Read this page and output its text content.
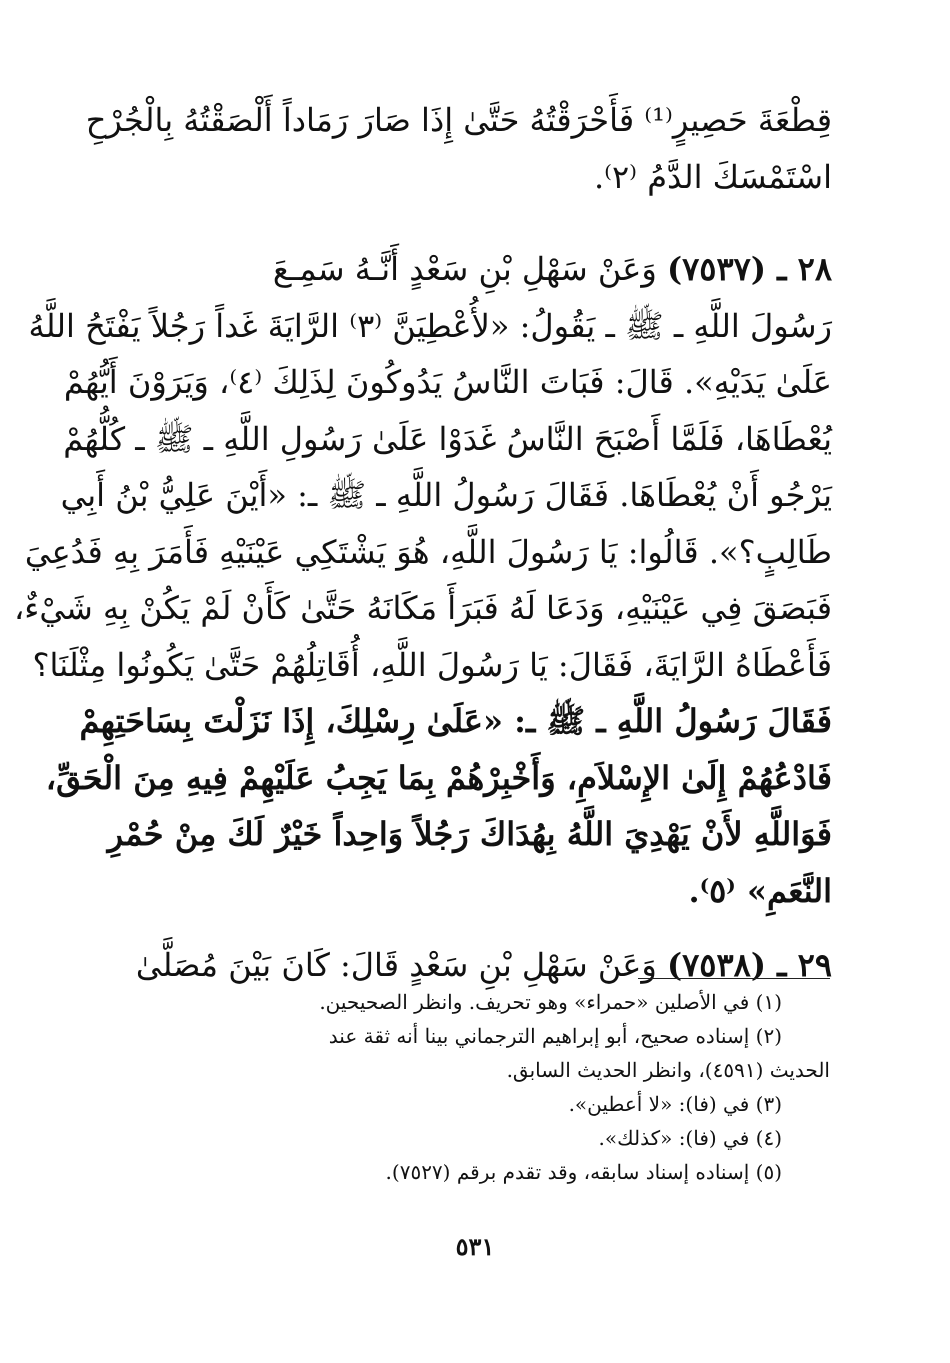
قِطْعَةَ حَصِيرٍ⁽¹⁾ فَأَحْرَقْتُهُ حَتَّىٰ إِذَا صَارَ رَمَاداً أَلْصَقْتُهُ بِالْجُرْحِ
اسْتَمْسَكَ الدَّمُ ⁽٢⁾.

٢٨ ـ (٧٥٣٧) وَعَنْ سَهْلِ بْنِ سَعْدٍ أَنَّـهُ سَمِـعَ
رَسُولَ اللَّهِ ـ ﷺ ـ يَقُولُ: «لأُعْطِيَنَّ ⁽٣⁾ الرَّايَةَ غَداً رَجُلاً يَفْتَحُ اللَّهُ
عَلَىٰ يَدَيْهِ». قَالَ: فَبَاتَ النَّاسُ يَدُوكُونَ لِذَلِكَ ⁽٤⁾، وَيَرَوْنَ أَيُّهُمْ
يُعْطَاهَا، فَلَمَّا أَصْبَحَ النَّاسُ غَدَوْا عَلَىٰ رَسُولِ اللَّهِ ـ ﷺ ـ كُلُّهُمْ
يَرْجُو أَنْ يُعْطَاهَا. فَقَالَ رَسُولُ اللَّهِ ـ ﷺ ـ: «أَيْنَ عَلِيُّ بْنُ أَبِي
طَالِبٍ؟». قَالُوا: يَا رَسُولَ اللَّهِ، هُوَ يَشْتَكِي عَيْنَيْهِ فَأَمَرَ بِهِ فَدُعِيَ
فَبَصَقَ فِي عَيْنَيْهِ، وَدَعَا لَهُ فَبَرَأَ مَكَانَهُ حَتَّىٰ كَأَنْ لَمْ يَكُنْ بِهِ شَيْءٌ،
فَأَعْطَاهُ الرَّايَةَ، فَقَالَ: يَا رَسُولَ اللَّهِ، أُقَاتِلُهُمْ حَتَّىٰ يَكُونُوا مِثْلَنَا؟
فَقَالَ رَسُولُ اللَّهِ ـ ﷺ ـ: «عَلَىٰ رِسْلِكَ، إِذَا نَزَلْتَ بِسَاحَتِهِمْ
فَادْعُهُمْ إِلَىٰ الإِسْلاَمِ، وَأَخْبِرْهُمْ بِمَا يَجِبُ عَلَيْهِمْ فِيهِ مِنَ الْحَقِّ،
فَوَاللَّهِ لأَنْ يَهْدِيَ اللَّهُ بِهُدَاكَ رَجُلاً وَاحِداً خَيْرٌ لَكَ مِنْ حُمْرِ
النَّعَمِ» ⁽٥⁾.

٢٩ ـ (٧٥٣٨) وَعَنْ سَهْلِ بْنِ سَعْدٍ قَالَ: كَانَ بَيْنَ مُصَلَّىٰ

(١) في الأصلين «حمراء» وهو تحريف. وانظر الصحيحين.

(٢) إسناده صحيح، أبو إبراهيم الترجماني بينا أنه ثقة عند

الحديث (٤٥٩١)، وانظر الحديث السابق.

(٣) في (فا): «لا أعطين».

(٤) في (فا): «كذلك».

(٥) إسناده إسناد سابقه، وقد تقدم برقم (٧٥٢٧).

٥٣١
